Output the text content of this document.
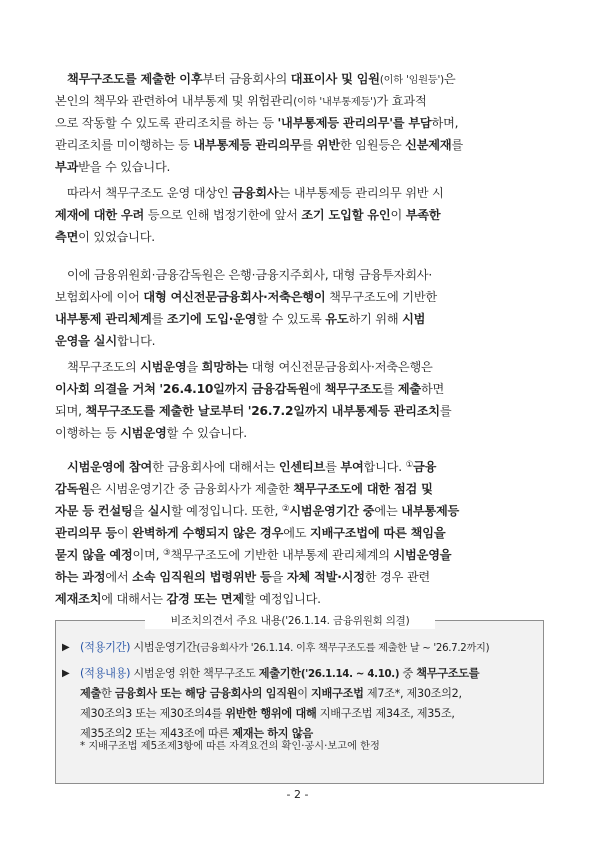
책무구조도를 제출한 이후부터 금융회사의 대표이사 및 임원(이하 '임원등')은
본인의 책무와 관련하여 내부통제 및 위험관리(이하 '내부통제등')가 효과적
으로 작동할 수 있도록 관리조치를 하는 등 '내부통제등 관리의무'를 부담하며,
관리조치를 미이행하는 등 내부통제등 관리의무를 위반한 임원등은 신분제재를
부과받을 수 있습니다.
따라서 책무구조도 운영 대상인 금융회사는 내부통제등 관리의무 위반 시
제재에 대한 우려 등으로 인해 법정기한에 앞서 조기 도입할 유인이 부족한
측면이 있었습니다.
이에 금융위원회·금융감독원은 은행·금융지주회사, 대형 금융투자회사·
보험회사에 이어 대형 여신전문금융회사·저축은행이 책무구조도에 기반한
내부통제 관리체계를 조기에 도입·운영할 수 있도록 유도하기 위해 시범
운영을 실시합니다.
책무구조도의 시범운영을 희망하는 대형 여신전문금융회사·저축은행은
이사회 의결을 거쳐 '26.4.10일까지 금융감독원에 책무구조도를 제출하면
되며, 책무구조도를 제출한 날로부터 '26.7.2일까지 내부통제등 관리조치를
이행하는 등 시범운영할 수 있습니다.
시범운영에 참여한 금융회사에 대해서는 인센티브를 부여합니다. ①금융
감독원은 시범운영기간 중 금융회사가 제출한 책무구조도에 대한 점검 및
자문 등 컨설팅을 실시할 예정입니다. 또한, ②시범운영기간 중에는 내부통제등
관리의무 등이 완벽하게 수행되지 않은 경우에도 지배구조법에 따른 책임을
묻지 않을 예정이며, ③책무구조도에 기반한 내부통제 관리체계의 시범운영을
하는 과정에서 소속 임직원의 법령위반 등을 자체 적발·시정한 경우 관련
제재조치에 대해서는 감경 또는 면제할 예정입니다.
비조치의견서 주요 내용('26.1.14. 금융위원회 의결)
▶ (적용기간) 시범운영기간(금융회사가 '26.1.14. 이후 책무구조도를 제출한 날 ~ '26.7.2까지)
▶ (적용내용) 시범운영 위한 책무구조도 제출기한('26.1.14. ~ 4.10.) 중 책무구조도를
제출한 금융회사 또는 해당 금융회사의 임직원이 지배구조법 제7조*, 제30조의2,
제30조의3 또는 제30조의4를 위반한 행위에 대해 지배구조법 제34조, 제35조,
제35조의2 또는 제43조에 따른 제재는 하지 않음
* 지배구조법 제5조제3항에 따른 자격요건의 확인·공시·보고에 한정
- 2 -
